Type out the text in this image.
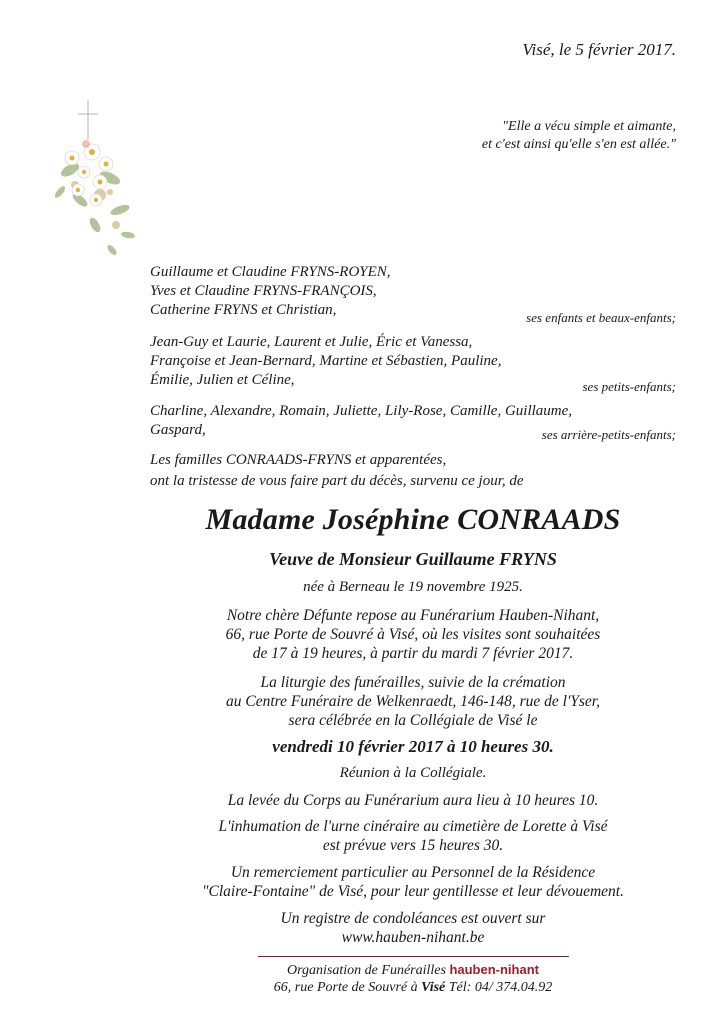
Visé, le 5 février 2017.
"Elle a vécu simple et aimante,
et c'est ainsi qu'elle s'en est allée."
Guillaume et Claudine FRYNS-ROYEN,
Yves et Claudine FRYNS-FRANÇOIS,
Catherine FRYNS et Christian,	ses enfants et beaux-enfants;
Jean-Guy et Laurie, Laurent et Julie, Éric et Vanessa,
Françoise et Jean-Bernard, Martine et Sébastien, Pauline,
Émilie, Julien et Céline,	ses petits-enfants;
Charline, Alexandre, Romain, Juliette, Lily-Rose, Camille, Guillaume,
Gaspard,	ses arrière-petits-enfants;
Les familles CONRAADS-FRYNS et apparentées,
ont la tristesse de vous faire part du décès, survenu ce jour, de
Madame Joséphine CONRAADS
Veuve de Monsieur Guillaume FRYNS
née à Berneau le 19 novembre 1925.
Notre chère Défunte repose au Funérarium Hauben-Nihant,
66, rue Porte de Souvré à Visé, où les visites sont souhaitées
de 17 à 19 heures, à partir du mardi 7 février 2017.
La liturgie des funérailles, suivie de la crémation
au Centre Funéraire de Welkenraedt, 146-148, rue de l'Yser,
sera célébrée en la Collégiale de Visé le
vendredi 10 février 2017 à 10 heures 30.
Réunion à la Collégiale.
La levée du Corps au Funérarium aura lieu à 10 heures 10.
L'inhumation de l'urne cinéraire au cimetière de Lorette à Visé
est prévue vers 15 heures 30.
Un remerciement particulier au Personnel de la Résidence
"Claire-Fontaine" de Visé, pour leur gentillesse et leur dévouement.
Un registre de condoléances est ouvert sur
www.hauben-nihant.be
Organisation de Funérailles hauben-nihant
66, rue Porte de Souvré à Visé Tél: 04/ 374.04.92
